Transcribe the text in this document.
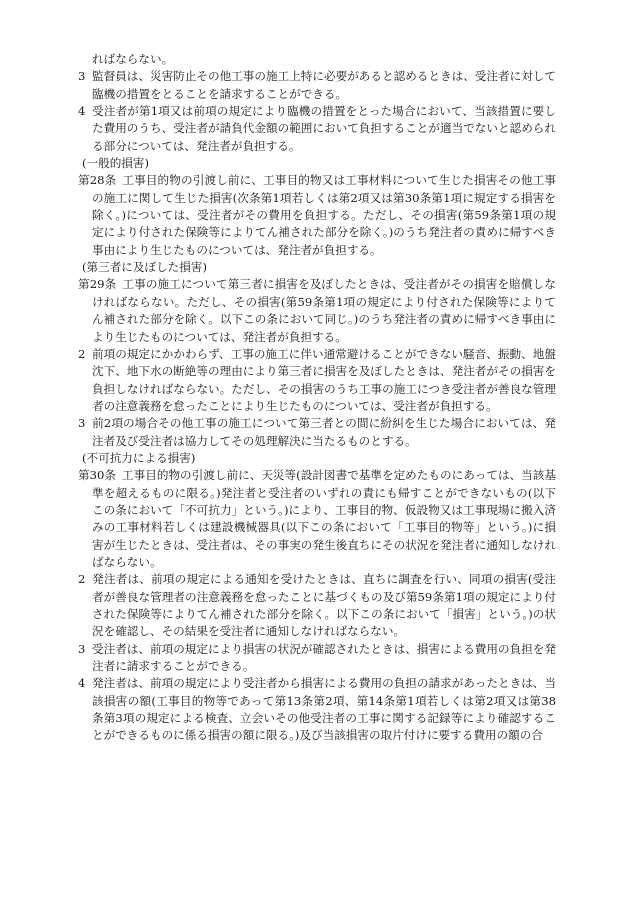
ればならない。

3 監督員は、災害防止その他工事の施工上特に必要があると認めるときは、受注者に対して臨機の措置をとることを請求することができる。

4 受注者が第1項又は前項の規定により臨機の措置をとった場合において、当該措置に要した費用のうち、受注者が請負代金額の範囲において負担することが適当でないと認められる部分については、発注者が負担する。

(一般的損害)

第28条 工事目的物の引渡し前に、工事目的物又は工事材料について生じた損害その他工事の施工に関して生じた損害(次条第1項若しくは第2項又は第30条第1項に規定する損害を除く。)については、受注者がその費用を負担する。ただし、その損害(第59条第1項の規定により付された保険等によりてん補された部分を除く。)のうち発注者の責めに帰すべき事由により生じたものについては、発注者が負担する。

(第三者に及ぼした損害)

第29条 工事の施工について第三者に損害を及ぼしたときは、受注者がその損害を賠償しなければならない。ただし、その損害(第59条第1項の規定により付された保険等によりてん補された部分を除く。以下この条において同じ。)のうち発注者の責めに帰すべき事由により生じたものについては、発注者が負担する。

2 前項の規定にかかわらず、工事の施工に伴い通常避けることができない騒音、振動、地盤沈下、地下水の断絶等の理由により第三者に損害を及ぼしたときは、発注者がその損害を負担しなければならない。ただし、その損害のうち工事の施工につき受注者が善良な管理者の注意義務を怠ったことにより生じたものについては、受注者が負担する。

3 前2項の場合その他工事の施工について第三者との間に紛糾を生じた場合においては、発注者及び受注者は協力してその処理解決に当たるものとする。

(不可抗力による損害)

第30条 工事目的物の引渡し前に、天災等(設計図書で基準を定めたものにあっては、当該基準を超えるものに限る。)発注者と受注者のいずれの責にも帰すことができないもの(以下この条において「不可抗力」という。)により、工事目的物、仮設物又は工事現場に搬入済みの工事材料若しくは建設機械器具(以下この条において「工事目的物等」という。)に損害が生じたときは、受注者は、その事実の発生後直ちにその状況を発注者に通知しなければならない。

2 発注者は、前項の規定による通知を受けたときは、直ちに調査を行い、同項の損害(受注者が善良な管理者の注意義務を怠ったことに基づくもの及び第59条第1項の規定により付された保険等によりてん補された部分を除く。以下この条において「損害」という。)の状況を確認し、その結果を受注者に通知しなければならない。

3 受注者は、前項の規定により損害の状況が確認されたときは、損害による費用の負担を発注者に請求することができる。

4 発注者は、前項の規定により受注者から損害による費用の負担の請求があったときは、当該損害の額(工事目的物等であって第13条第2項、第14条第1項若しくは第2項又は第38条第3項の規定による検査、立会いその他受注者の工事に関する記録等により確認することができるものに係る損害の額に限る。)及び当該損害の取片付けに要する費用の額の合
